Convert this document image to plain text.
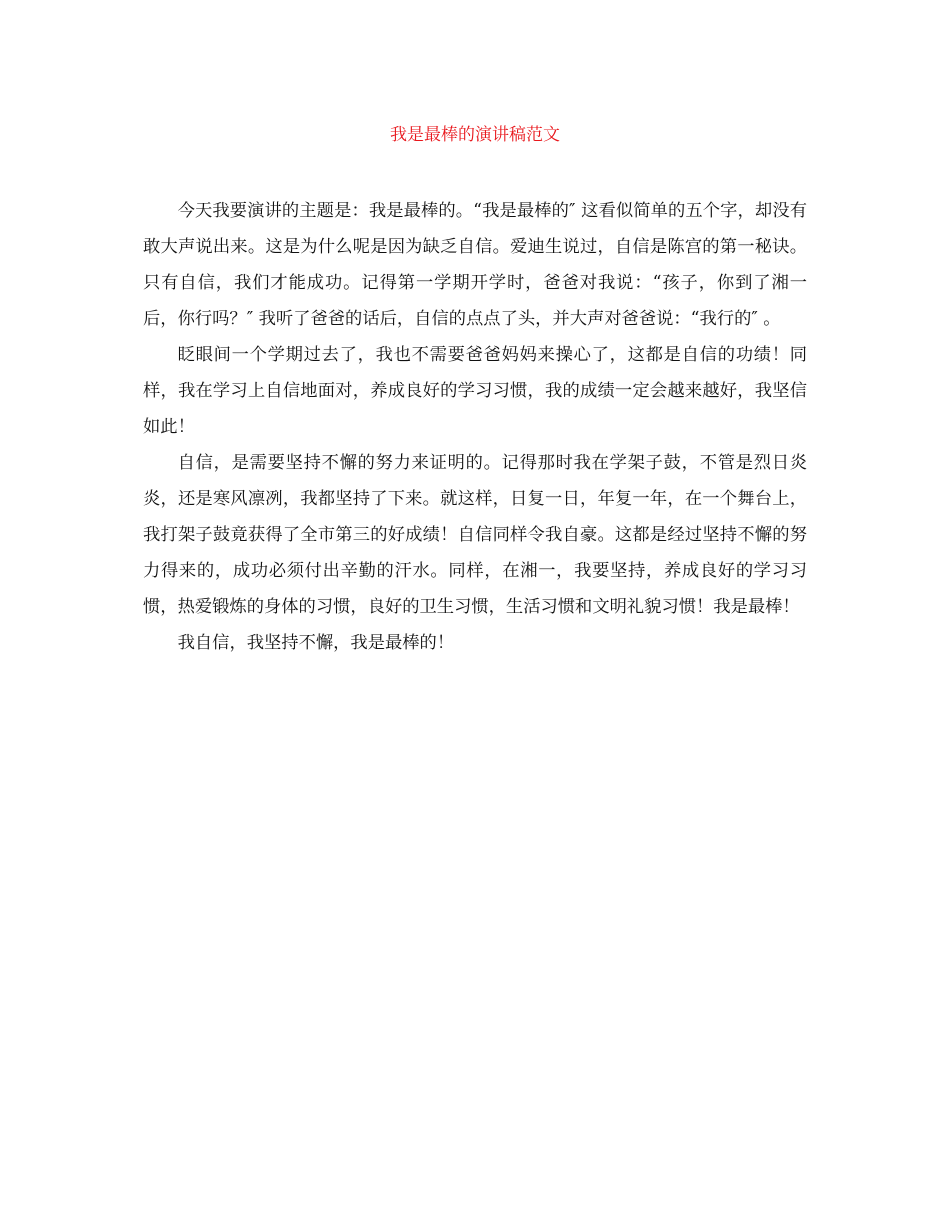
我是最棒的演讲稿范文

今天我要演讲的主题是：我是最棒的。“我是最棒的″ 这看似简单的五个字，却没有敢大声说出来。这是为什么呢是因为缺乏自信。爱迪生说过，自信是陈宫的第一秘诀。只有自信，我们才能成功。记得第一学期开学时，爸爸对我说：“孩子，你到了湘一后，你行吗？″ 我听了爸爸的话后，自信的点点了头，并大声对爸爸说：“我行的″ 。

眨眼间一个学期过去了，我也不需要爸爸妈妈来操心了，这都是自信的功绩！同样，我在学习上自信地面对，养成良好的学习习惯，我的成绩一定会越来越好，我坚信如此！

自信，是需要坚持不懈的努力来证明的。记得那时我在学架子鼓，不管是烈日炎炎，还是寒风凛冽，我都坚持了下来。就这样，日复一日，年复一年，在一个舞台上，我打架子鼓竟获得了全市第三的好成绩！自信同样令我自豪。这都是经过坚持不懈的努力得来的，成功必须付出辛勤的汗水。同样，在湘一，我要坚持，养成良好的学习习惯，热爱锻炼的身体的习惯，良好的卫生习惯，生活习惯和文明礼貌习惯！我是最棒！

我自信，我坚持不懈，我是最棒的！
